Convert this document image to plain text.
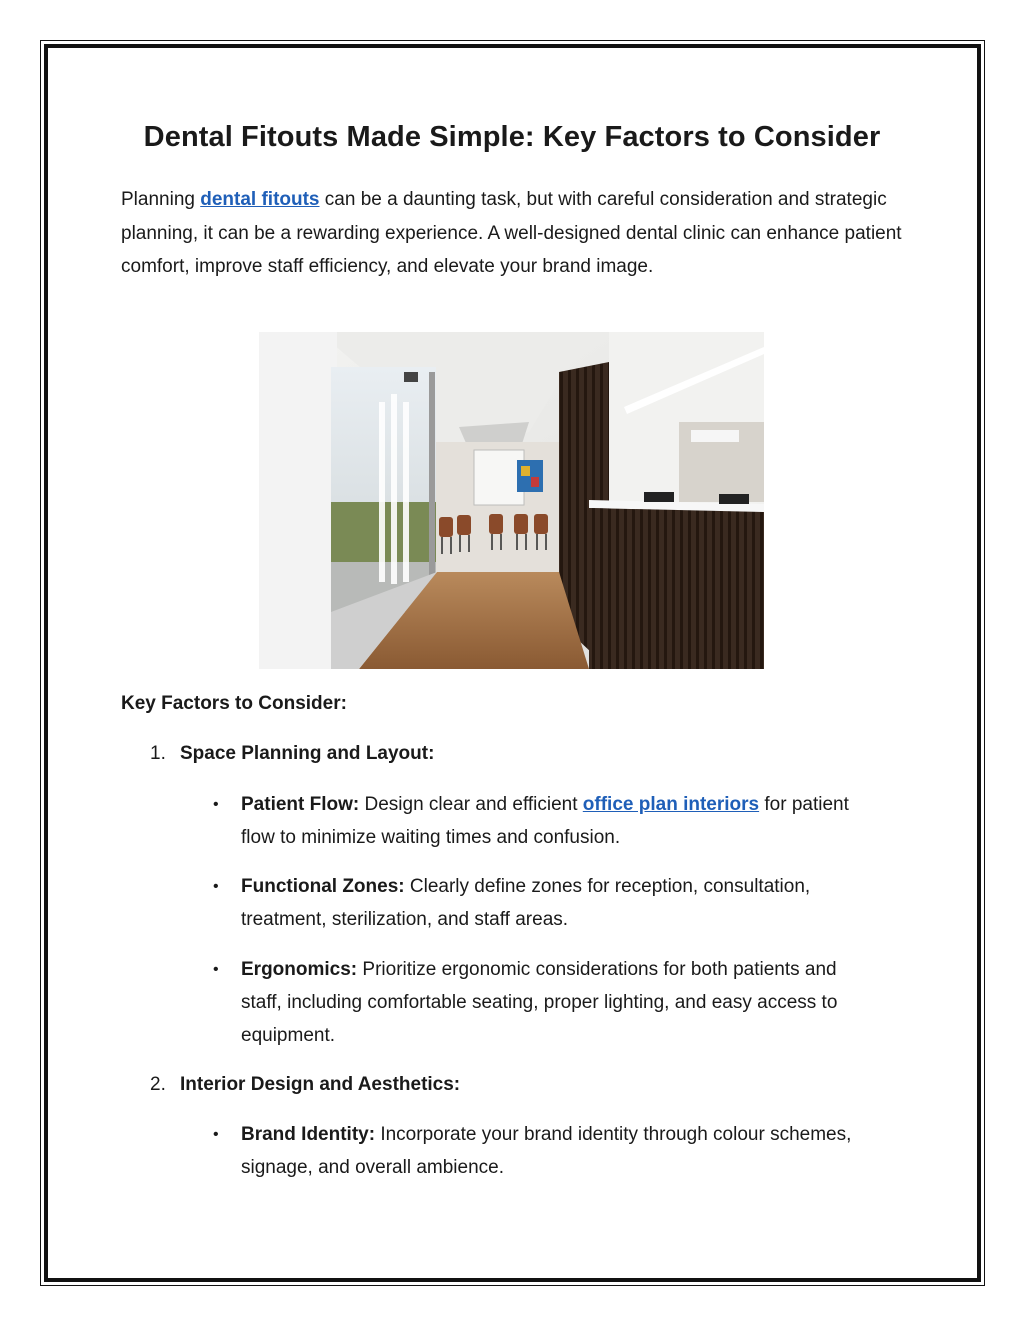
Dental Fitouts Made Simple: Key Factors to Consider

Planning dental fitouts can be a daunting task, but with careful consideration and strategic planning, it can be a rewarding experience. A well-designed dental clinic can enhance patient comfort, improve staff efficiency, and elevate your brand image.

Key Factors to Consider:

1. Space Planning and Layout:

• Patient Flow: Design clear and efficient office plan interiors for patient flow to minimize waiting times and confusion.

• Functional Zones: Clearly define zones for reception, consultation, treatment, sterilization, and staff areas.

• Ergonomics: Prioritize ergonomic considerations for both patients and staff, including comfortable seating, proper lighting, and easy access to equipment.

2. Interior Design and Aesthetics:

• Brand Identity: Incorporate your brand identity through colour schemes, signage, and overall ambience.
